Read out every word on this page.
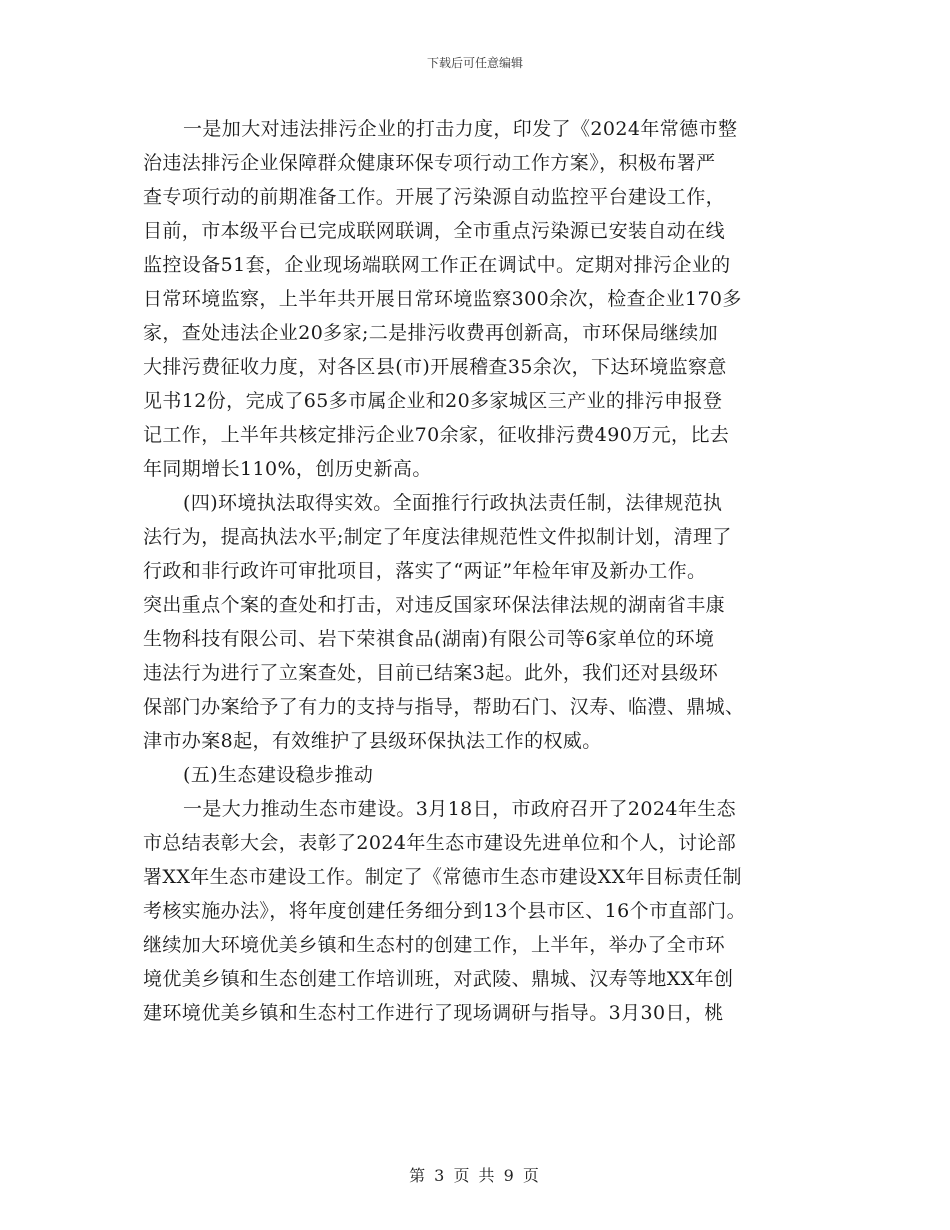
下载后可任意编辑
一是加大对违法排污企业的打击力度，印发了《2024年常德市整
治违法排污企业保障群众健康环保专项行动工作方案》，积极布署严
查专项行动的前期准备工作。开展了污染源自动监控平台建设工作，
目前，市本级平台已完成联网联调，全市重点污染源已安装自动在线
监控设备51套，企业现场端联网工作正在调试中。定期对排污企业的
日常环境监察，上半年共开展日常环境监察300余次，检查企业170多
家，查处违法企业20多家;二是排污收费再创新高，市环保局继续加
大排污费征收力度，对各区县(市)开展稽查35余次，下达环境监察意
见书12份，完成了65多市属企业和20多家城区三产业的排污申报登
记工作，上半年共核定排污企业70余家，征收排污费490万元，比去
年同期增长110%，创历史新高。
(四)环境执法取得实效。全面推行行政执法责任制，法律规范执
法行为，提高执法水平;制定了年度法律规范性文件拟制计划，清理了
行政和非行政许可审批项目，落实了“两证”年检年审及新办工作。
突出重点个案的查处和打击，对违反国家环保法律法规的湖南省丰康
生物科技有限公司、岩下荣祺食品(湖南)有限公司等6家单位的环境
违法行为进行了立案查处，目前已结案3起。此外，我们还对县级环
保部门办案给予了有力的支持与指导，帮助石门、汉寿、临澧、鼎城、
津市办案8起，有效维护了县级环保执法工作的权威。
(五)生态建设稳步推动
一是大力推动生态市建设。3月18日，市政府召开了2024年生态
市总结表彰大会，表彰了2024年生态市建设先进单位和个人，讨论部
署XX年生态市建设工作。制定了《常德市生态市建设XX年目标责任制
考核实施办法》，将年度创建任务细分到13个县市区、16个市直部门。
继续加大环境优美乡镇和生态村的创建工作，上半年，举办了全市环
境优美乡镇和生态创建工作培训班，对武陵、鼎城、汉寿等地XX年创
建环境优美乡镇和生态村工作进行了现场调研与指导。3月30日，桃
第 3 页 共 9 页
